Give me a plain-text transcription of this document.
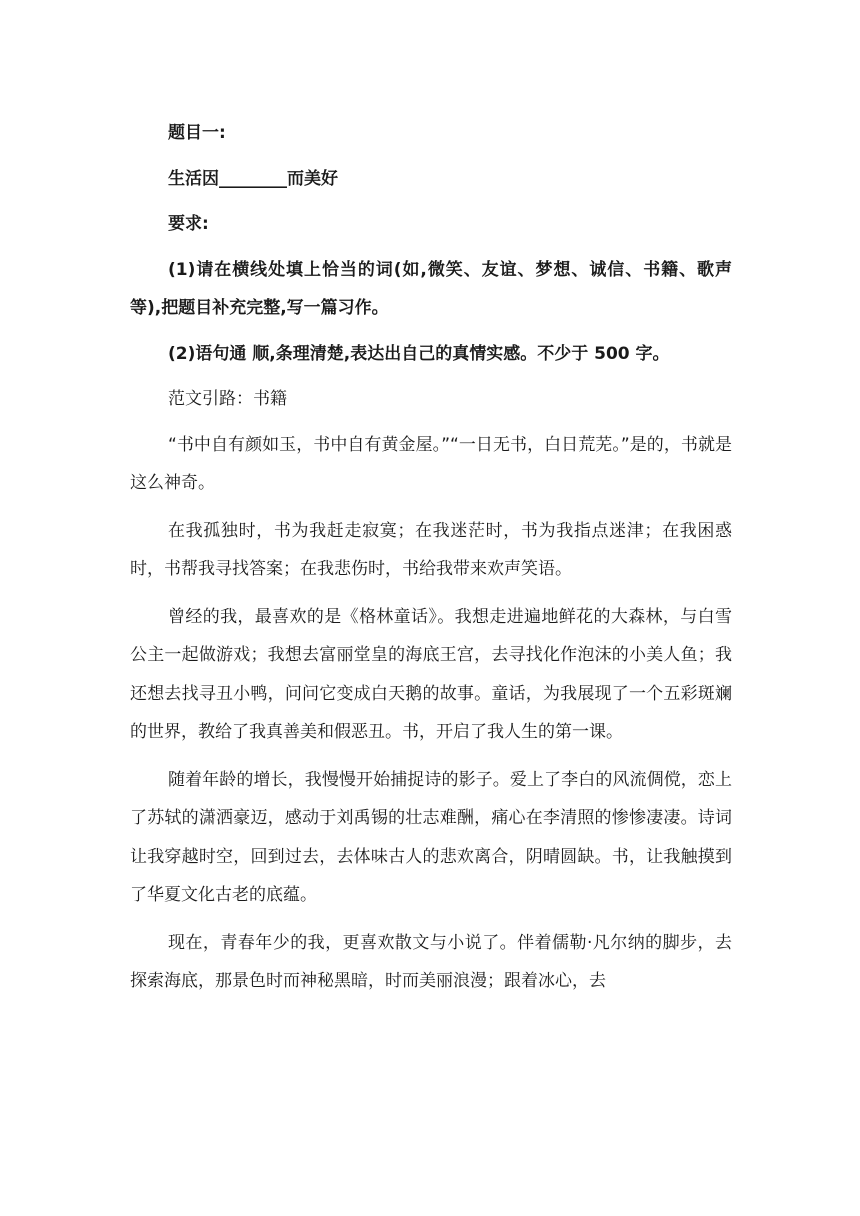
题目一:

生活因________而美好

要求:

(1)请在横线处填上恰当的词(如,微笑、友谊、梦想、诚信、书籍、歌声等),把题目补充完整,写一篇习作。

(2)语句通 顺,条理清楚,表达出自己的真情实感。不少于 500 字。

范文引路：书籍

“书中自有颜如玉，书中自有黄金屋。”“一日无书，白日荒芜。”是的，书就是这么神奇。

在我孤独时，书为我赶走寂寞；在我迷茫时，书为我指点迷津；在我困惑时，书帮我寻找答案；在我悲伤时，书给我带来欢声笑语。

曾经的我，最喜欢的是《格林童话》。我想走进遍地鲜花的大森林，与白雪公主一起做游戏；我想去富丽堂皇的海底王宫，去寻找化作泡沫的小美人鱼；我还想去找寻丑小鸭，问问它变成白天鹅的故事。童话，为我展现了一个五彩斑斓的世界，教给了我真善美和假恶丑。书，开启了我人生的第一课。

随着年龄的增长，我慢慢开始捕捉诗的影子。爱上了李白的风流倜傥，恋上了苏轼的潇洒豪迈，感动于刘禹锡的壮志难酬，痛心在李清照的惨惨凄凄。诗词让我穿越时空，回到过去，去体味古人的悲欢离合，阴晴圆缺。书，让我触摸到了华夏文化古老的底蕴。

现在，青春年少的我，更喜欢散文与小说了。伴着儒勒·凡尔纳的脚步，去探索海底，那景色时而神秘黑暗，时而美丽浪漫；跟着冰心，去
